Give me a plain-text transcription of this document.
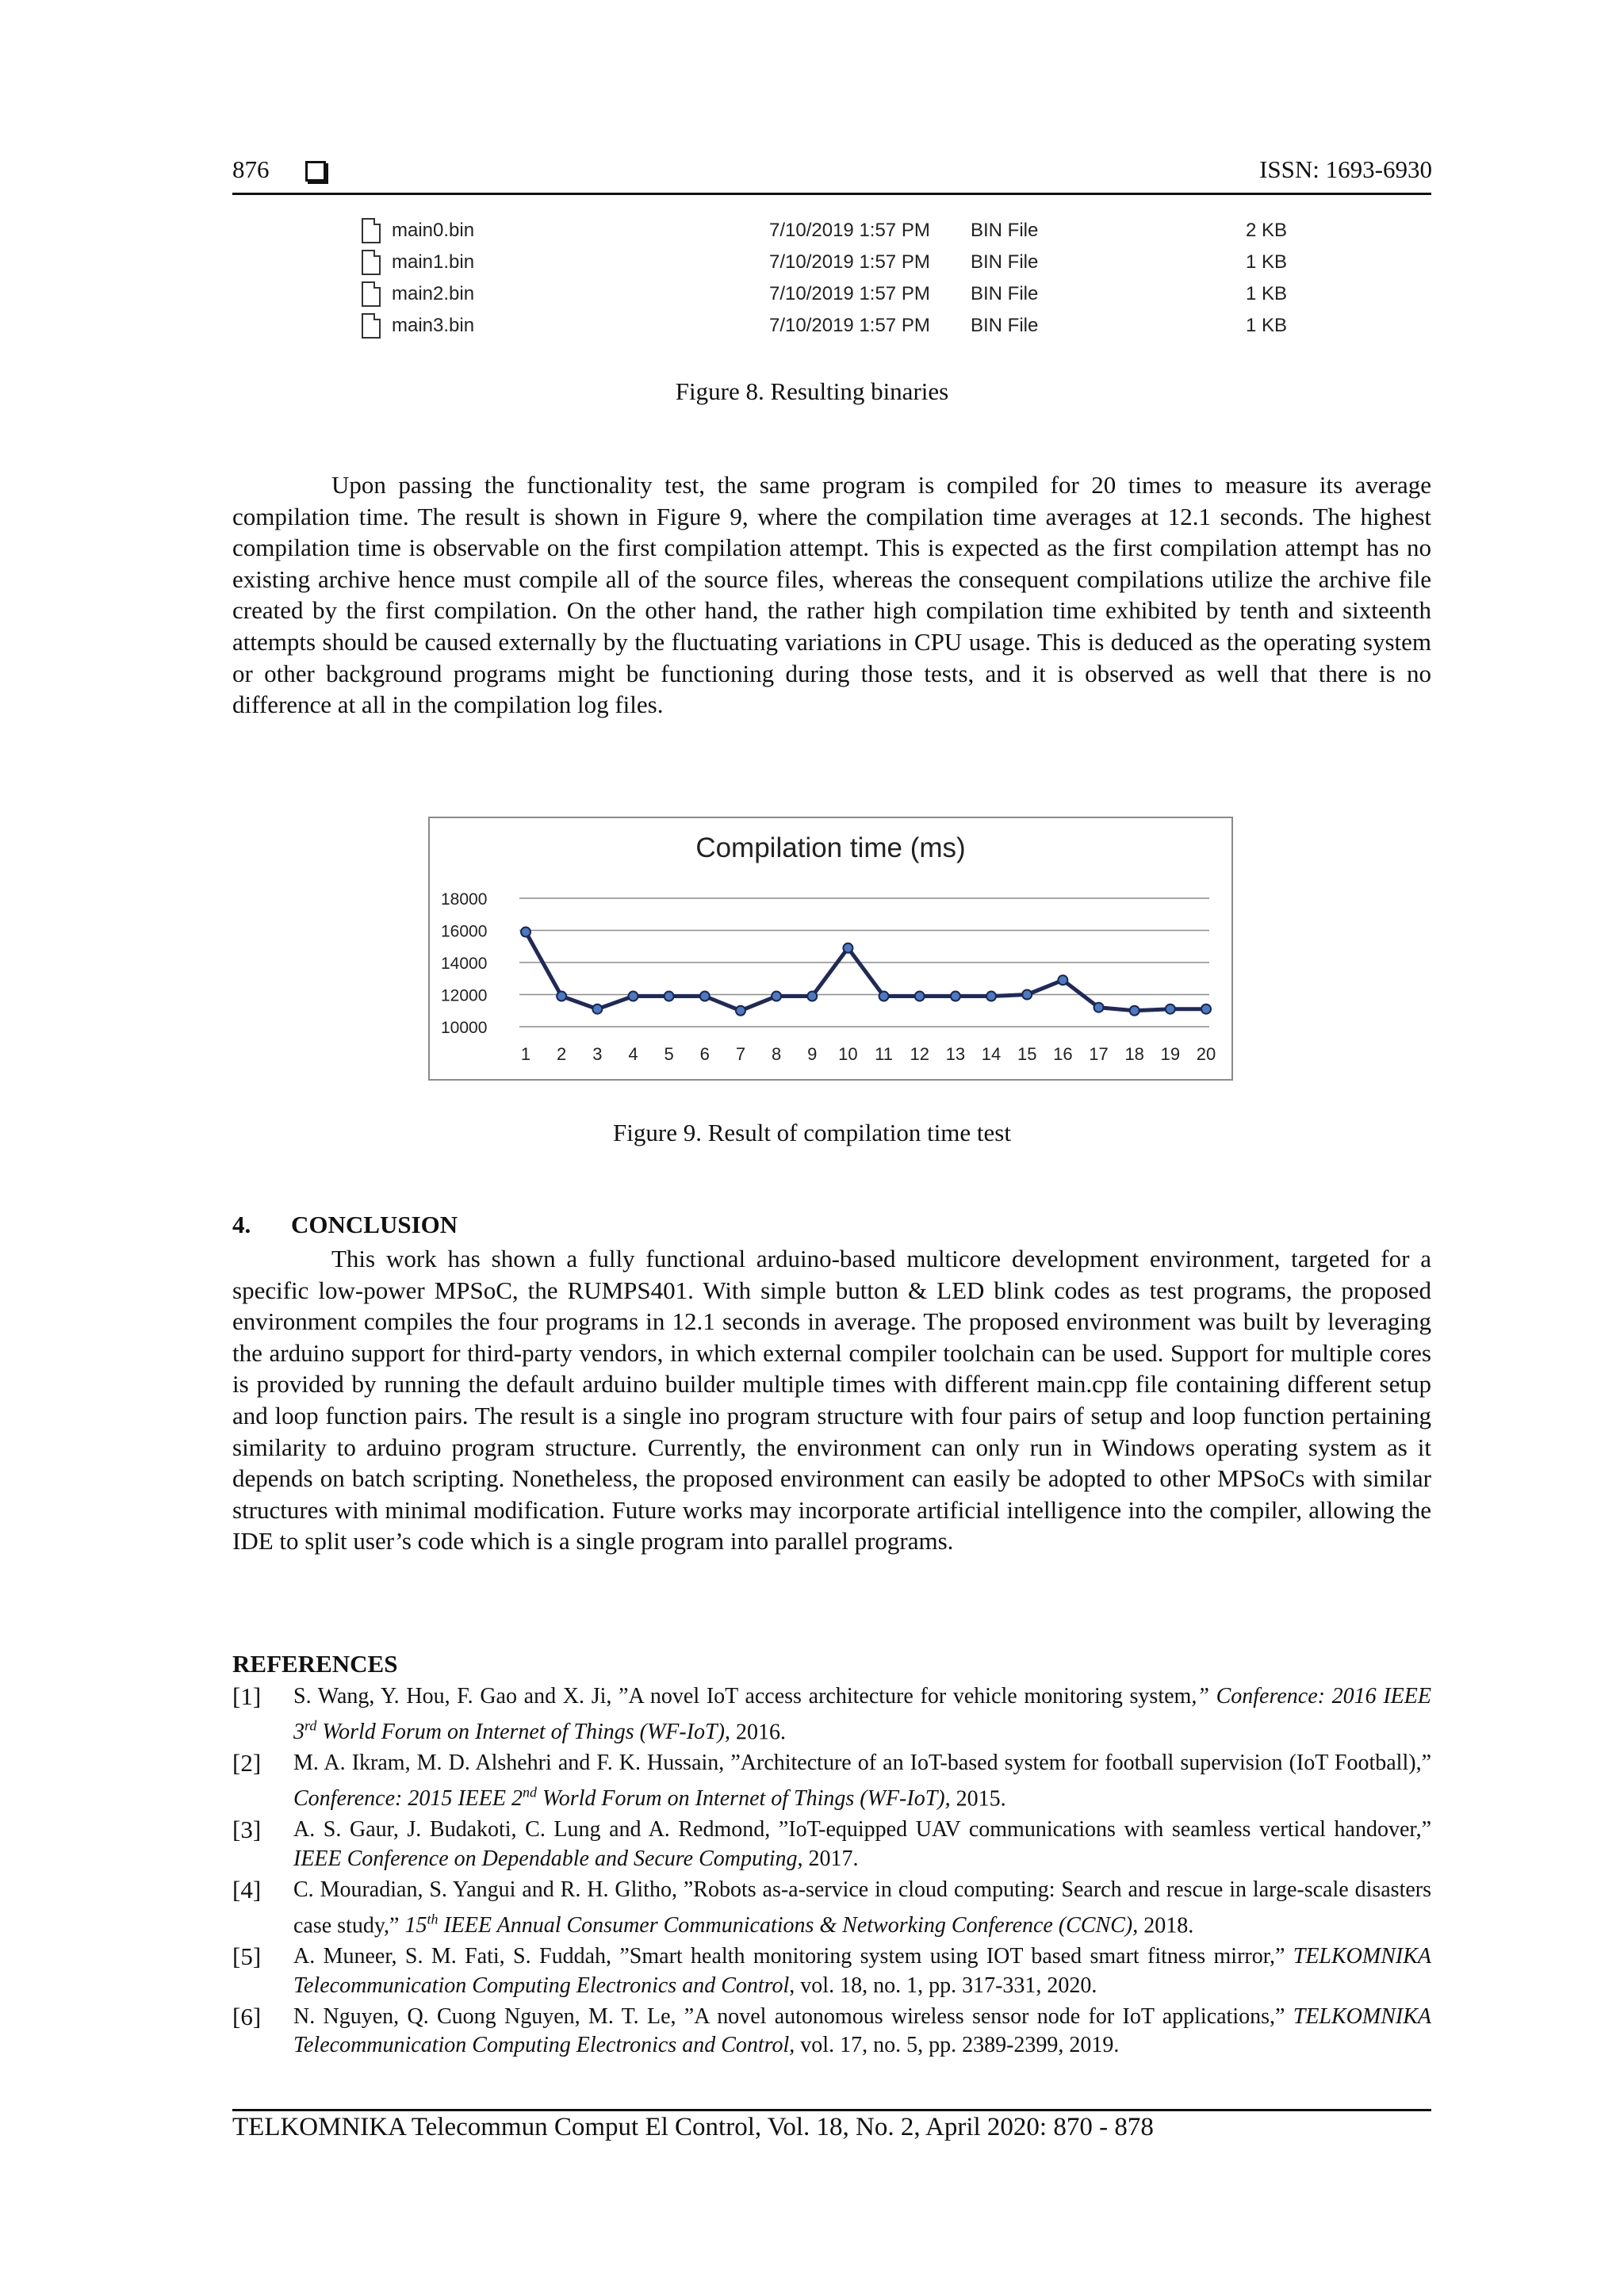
876	ISSN: 1693-6930
main0.bin	7/10/2019 1:57 PM BIN File	2 KB
main1.bin	7/10/2019 1:57 PM BIN File	1 KB
main2.bin	7/10/2019 1:57 PM BIN File	1 KB
main3.bin	7/10/2019 1:57 PM BIN File	1 KB
Figure 8. Resulting binaries
Upon passing the functionality test, the same program is compiled for 20 times to measure its average compilation time. The result is shown in Figure 9, where the compilation time averages at 12.1 seconds. The highest compilation time is observable on the first compilation attempt. This is expected as the first compilation attempt has no existing archive hence must compile all of the source files, whereas the consequent compilations utilize the archive file created by the first compilation. On the other hand, the rather high compilation time exhibited by tenth and sixteenth attempts should be caused externally by the fluctuating variations in CPU usage. This is deduced as the operating system or other background programs might be functioning during those tests, and it is observed as well that there is no difference at all in the compilation log files.
Compilation time (ms)
18000
16000
14000
12000
10000
1 2 3 4 5 6 7 8 9 10 11 12 13 14 15 16 17 18 19 20
Figure 9. Result of compilation time test
4. CONCLUSION
This work has shown a fully functional arduino-based multicore development environment, targeted for a specific low-power MPSoC, the RUMPS401. With simple button & LED blink codes as test programs, the proposed environment compiles the four programs in 12.1 seconds in average. The proposed environment was built by leveraging the arduino support for third-party vendors, in which external compiler toolchain can be used. Support for multiple cores is provided by running the default arduino builder multiple times with different main.cpp file containing different setup and loop function pairs. The result is a single ino program structure with four pairs of setup and loop function pertaining similarity to arduino program structure. Currently, the environment can only run in Windows operating system as it depends on batch scripting. Nonetheless, the proposed environment can easily be adopted to other MPSoCs with similar structures with minimal modification. Future works may incorporate artificial intelligence into the compiler, allowing the IDE to split user’s code which is a single program into parallel programs.
REFERENCES
[1] S. Wang, Y. Hou, F. Gao and X. Ji, ”A novel IoT access architecture for vehicle monitoring system,” Conference: 2016 IEEE 3rd World Forum on Internet of Things (WF-IoT), 2016.
[2] M. A. Ikram, M. D. Alshehri and F. K. Hussain, ”Architecture of an IoT-based system for football supervision (IoT Football),” Conference: 2015 IEEE 2nd World Forum on Internet of Things (WF-IoT), 2015.
[3] A. S. Gaur, J. Budakoti, C. Lung and A. Redmond, ”IoT-equipped UAV communications with seamless vertical handover,” IEEE Conference on Dependable and Secure Computing, 2017.
[4] C. Mouradian, S. Yangui and R. H. Glitho, ”Robots as-a-service in cloud computing: Search and rescue in large-scale disasters case study,” 15th IEEE Annual Consumer Communications & Networking Conference (CCNC), 2018.
[5] A. Muneer, S. M. Fati, S. Fuddah, ”Smart health monitoring system using IOT based smart fitness mirror,” TELKOMNIKA Telecommunication Computing Electronics and Control, vol. 18, no. 1, pp. 317-331, 2020.
[6] N. Nguyen, Q. Cuong Nguyen, M. T. Le, ”A novel autonomous wireless sensor node for IoT applications,” TELKOMNIKA Telecommunication Computing Electronics and Control, vol. 17, no. 5, pp. 2389-2399, 2019.
TELKOMNIKA Telecommun Comput El Control, Vol. 18, No. 2, April 2020: 870 - 878
